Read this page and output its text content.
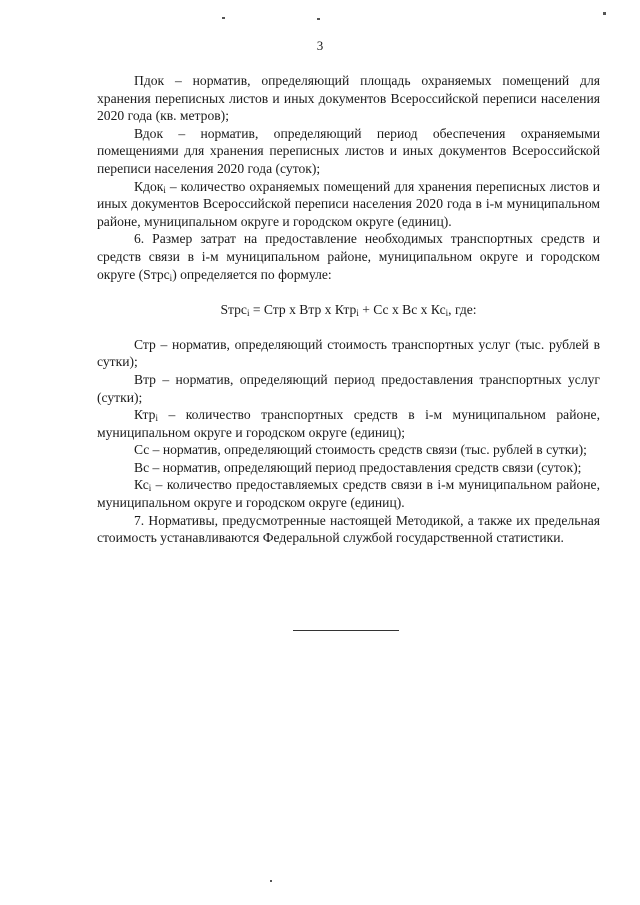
3

Пдок – норматив, определяющий площадь охраняемых помещений для хранения переписных листов и иных документов Всероссийской переписи населения 2020 года (кв. метров);

Вдок – норматив, определяющий период обеспечения охраняемыми помещениями для хранения переписных листов и иных документов Всероссийской переписи населения 2020 года (суток);

Кдок$_i$ – количество охраняемых помещений для хранения переписных листов и иных документов Всероссийской переписи населения 2020 года в i-м муниципальном районе, муниципальном округе и городском округе (единиц).

6. Размер затрат на предоставление необходимых транспортных средств и средств связи в i-м муниципальном районе, муниципальном округе и городском округе (Sтрс$_i$) определяется по формуле:

Sтрс$_i$ = Стр х Втр х Ктр$_i$ + Сс х Вс х $Кс_i$, где:

Стр – норматив, определяющий стоимость транспортных услуг (тыс. рублей в сутки);

Втр – норматив, определяющий период предоставления транспортных услуг (сутки);

Ктр$_i$ – количество транспортных средств в i-м муниципальном районе, муниципальном округе и городском округе (единиц);

Сс – норматив, определяющий стоимость средств связи (тыс. рублей в сутки);

Вс – норматив, определяющий период предоставления средств связи (суток);

$Кс_i$ – количество предоставляемых средств связи в i-м муниципальном районе, муниципальном округе и городском округе (единиц).

7. Нормативы, предусмотренные настоящей Методикой, а также их предельная стоимость устанавливаются Федеральной службой государственной статистики.
